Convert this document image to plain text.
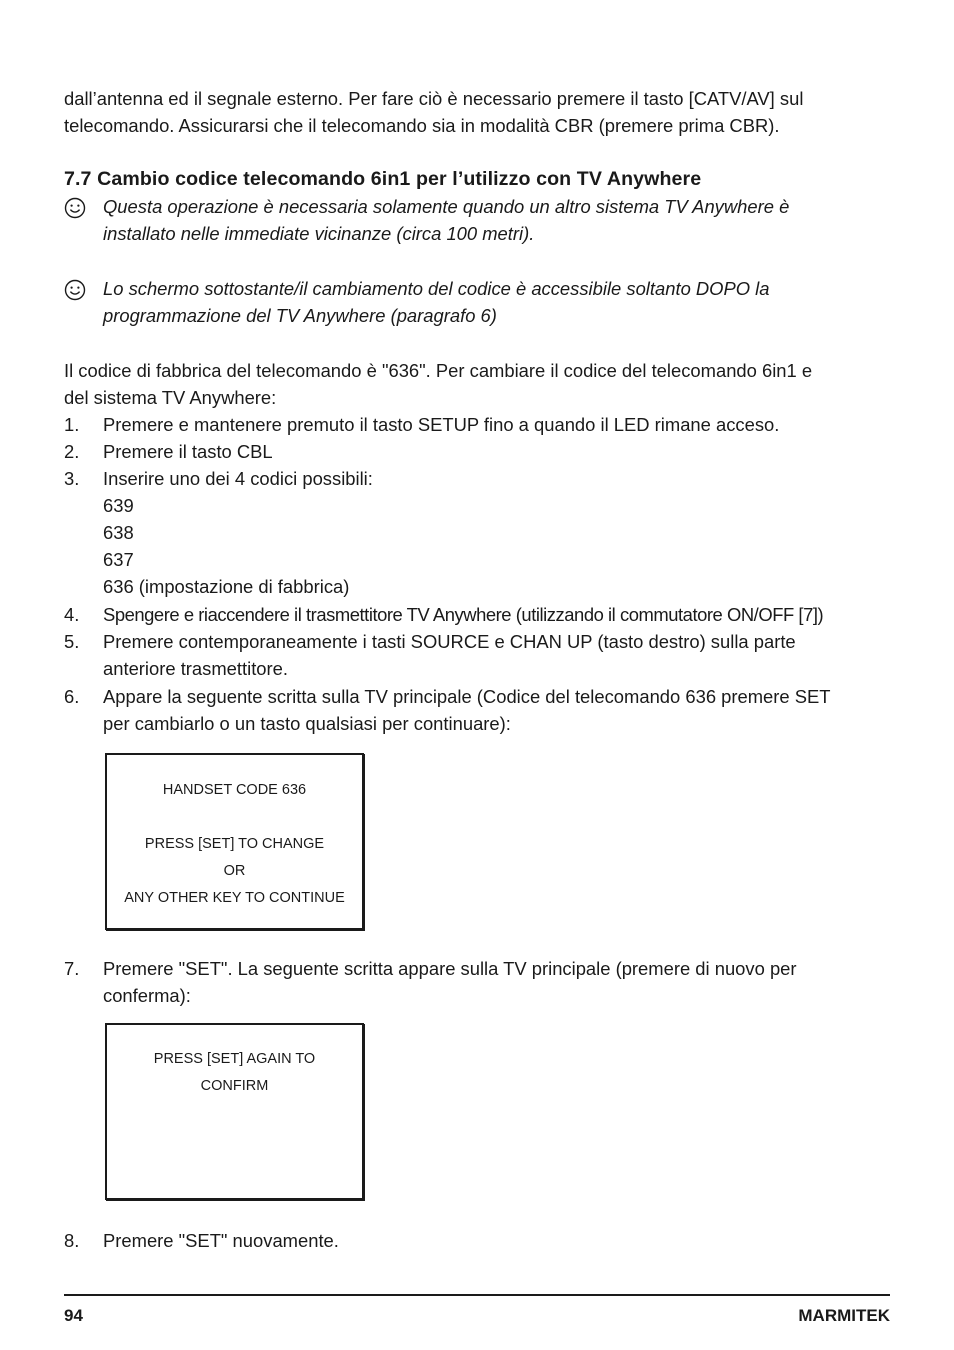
dall’antenna ed il segnale esterno. Per fare ciò è necessario premere il tasto [CATV/AV] sul
telecomando. Assicurarsi che il telecomando sia in modalità CBR (premere prima CBR).
7.7 Cambio codice telecomando 6in1 per l’utilizzo con TV Anywhere
Questa operazione è necessaria solamente quando un altro sistema TV Anywhere è
installato nelle immediate vicinanze (circa 100 metri).
Lo schermo sottostante/il cambiamento del codice è accessibile soltanto DOPO la
programmazione del TV Anywhere (paragrafo 6)
Il codice di fabbrica del telecomando è "636". Per cambiare il codice del telecomando 6in1 e
del sistema TV Anywhere:
1. Premere e mantenere premuto il tasto SETUP fino a quando il LED rimane acceso.
2. Premere il tasto CBL
3. Inserire uno dei 4 codici possibili:
639
638
637
636 (impostazione di fabbrica)
4. Spengere e riaccendere il trasmettitore TV Anywhere (utilizzando il commutatore ON/OFF [7])
5. Premere contemporaneamente i tasti SOURCE e CHAN UP (tasto destro) sulla parte
anteriore trasmettitore.
6. Appare la seguente scritta sulla TV principale (Codice del telecomando 636 premere SET
per cambiarlo o un tasto qualsiasi per continuare):
HANDSET CODE 636
PRESS [SET] TO CHANGE
OR
ANY OTHER KEY TO CONTINUE
7. Premere "SET". La seguente scritta appare sulla TV principale (premere di nuovo per
conferma):
PRESS [SET] AGAIN TO
CONFIRM
8. Premere "SET" nuovamente.
94	MARMITEK
